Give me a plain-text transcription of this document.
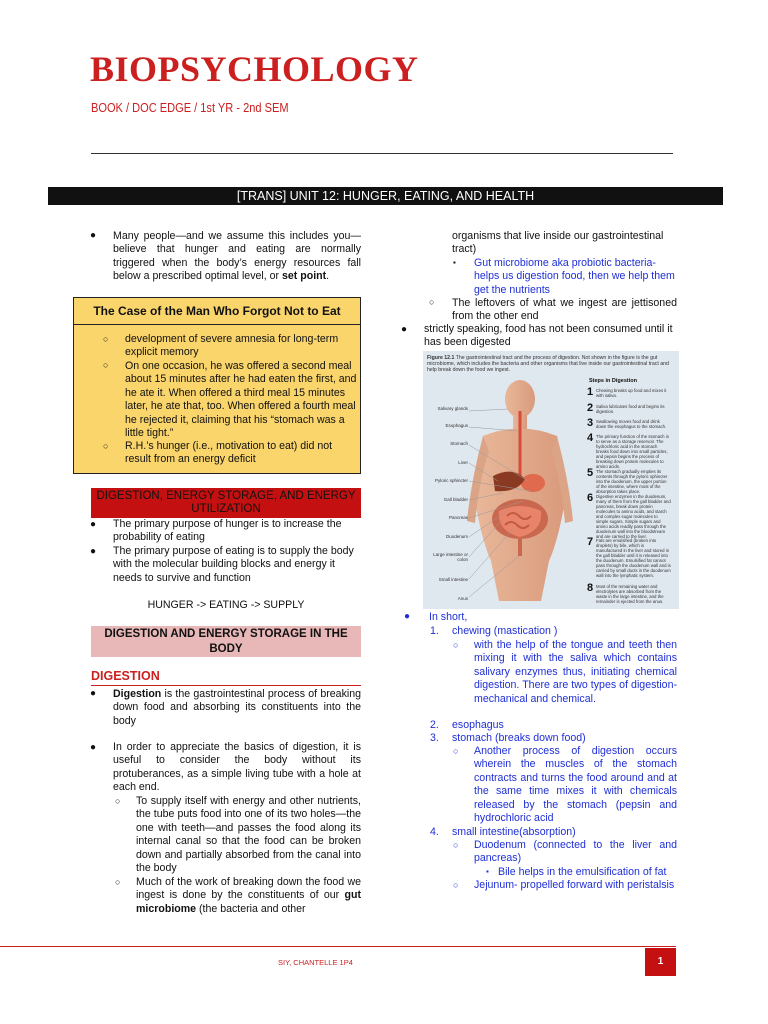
BIOPSYCHOLOGY
BOOK / DOC EDGE / 1st YR - 2nd SEM
[TRANS] UNIT 12: HUNGER, EATING, AND HEALTH
● Many people—and we assume this includes you—believe that hunger and eating are normally triggered when the body’s energy resources fall below a prescribed optimal level, or set point.
The Case of the Man Who Forgot Not to Eat
○ development of severe amnesia for long-term explicit memory
○ On one occasion, he was offered a second meal about 15 minutes after he had eaten the first, and he ate it. When offered a third meal 15 minutes later, he ate that, too. When offered a fourth meal he rejected it, claiming that his “stomach was a little tight.”
○ R.H.’s hunger (i.e., motivation to eat) did not result from an energy deficit
DIGESTION, ENERGY STORAGE, AND ENERGY UTILIZATION
● The primary purpose of hunger is to increase the probability of eating
● The primary purpose of eating is to supply the body with the molecular building blocks and energy it needs to survive and function
HUNGER -> EATING -> SUPPLY
DIGESTION AND ENERGY STORAGE IN THE BODY
DIGESTION
● Digestion is the gastrointestinal process of breaking down food and absorbing its constituents into the body
● In order to appreciate the basics of digestion, it is useful to consider the body without its protuberances, as a simple living tube with a hole at each end.
○ To supply itself with energy and other nutrients, the tube puts food into one of its two holes—the one with teeth—and passes the food along its internal canal so that the food can be broken down and partially absorbed from the canal into the body
○ Much of the work of breaking down the food we ingest is done by the constituents of our gut microbiome (the bacteria and other
organisms that live inside our gastrointestinal tract)
▪ Gut microbiome aka probiotic bacteria- helps us digestion food, then we help them get the nutrients
○ The leftovers of what we ingest are jettisoned from the other end
● strictly speaking, food has not been consumed until it has been digested
Figure 12.1 The gastrointestinal tract and the process of digestion. Not shown in the figure is the gut microbiome, which includes the bacteria and other organisms that live inside our gastrointestinal tract and help break down the food we ingest.
Steps in Digestion
Salivary glands
Esophagus
Stomach
Liver
Pyloric sphincter
Gall bladder
Pancreas
Duodenum
Large intestine or colon
Small intestine
Anus
1 Chewing breaks up food and mixes it with saliva.
2 Saliva lubricates food and begins its digestion.
3 Swallowing moves food and drink down the esophagus to the stomach.
4 The primary function of the stomach is to serve as a storage reservoir. The hydrochloric acid in the stomach breaks food down into small particles, and pepsin begins the process of breaking down protein molecules to amino acids.
5 The stomach gradually empties its contents through the pyloric sphincter into the duodenum, the upper portion of the intestine, where most of the absorption takes place.
6 Digestive enzymes in the duodenum, many of them from the gall bladder and pancreas, break down protein molecules to amino acids, and starch and complex sugar molecules to simple sugars. Simple sugars and amino acids readily pass through the duodenum wall into the bloodstream and are carried to the liver.
7 Fats are emulsified (broken into droplets) by bile, which is manufactured in the liver and stored in the gall bladder until it is released into the duodenum. Emulsified fat cannot pass through the duodenum wall and is carried by small ducts in the duodenum wall into the lymphatic system.
8 Most of the remaining water and electrolytes are absorbed from the waste in the large intestine, and the remainder is ejected from the anus.
● In short,
1. chewing (mastication )
○ with the help of the tongue and teeth then mixing it with the saliva which contains salivary enzymes thus, initiating chemical digestion. There are two types of digestion- mechanical and chemical.
2. esophagus
3. stomach (breaks down food)
○ Another process of digestion occurs wherein the muscles of the stomach contracts and turns the food around and at the same time mixes it with chemicals released by the stomach (pepsin and hydrochloric acid
4. small intestine(absorption)
○ Duodenum (connected to the liver and pancreas)
▪ Bile helps in the emulsification of fat
○ Jejunum- propelled forward with peristalsis
SIY, CHANTELLE 1P4	1
